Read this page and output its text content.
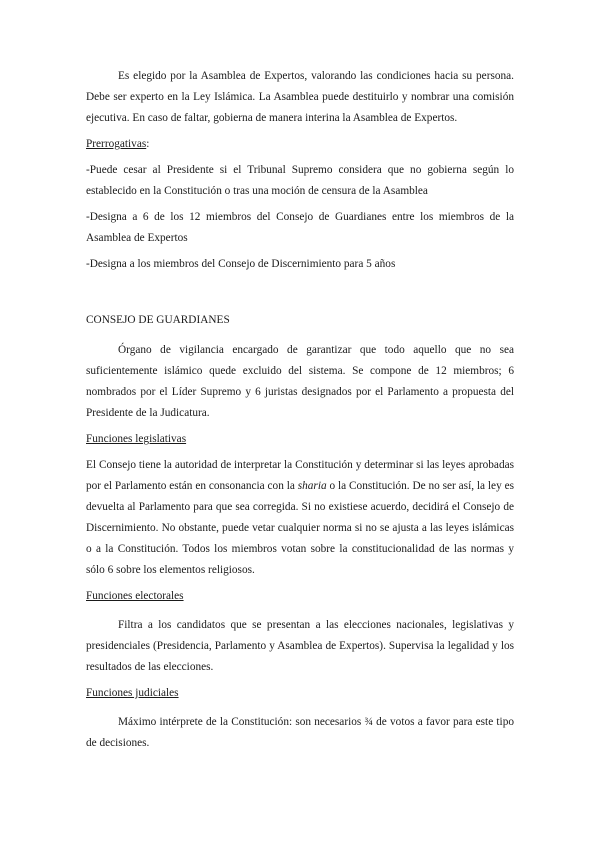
Es elegido por la Asamblea de Expertos, valorando las condiciones hacia su persona. Debe ser experto en la Ley Islámica. La Asamblea puede destituirlo y nombrar una comisión ejecutiva. En caso de faltar, gobierna de manera interina la Asamblea de Expertos.

Prerrogativas:

-Puede cesar al Presidente si el Tribunal Supremo considera que no gobierna según lo establecido en la Constitución o tras una moción de censura de la Asamblea

-Designa a 6 de los 12 miembros del Consejo de Guardianes entre los miembros de la Asamblea de Expertos

-Designa a los miembros del Consejo de Discernimiento para 5 años

CONSEJO DE GUARDIANES

Órgano de vigilancia encargado de garantizar que todo aquello que no sea suficientemente islámico quede excluido del sistema. Se compone de 12 miembros; 6 nombrados por el Líder Supremo y 6 juristas designados por el Parlamento a propuesta del Presidente de la Judicatura.

Funciones legislativas

El Consejo tiene la autoridad de interpretar la Constitución y determinar si las leyes aprobadas por el Parlamento están en consonancia con la sharia o la Constitución. De no ser así, la ley es devuelta al Parlamento para que sea corregida. Si no existiese acuerdo, decidirá el Consejo de Discernimiento. No obstante, puede vetar cualquier norma si no se ajusta a las leyes islámicas o a la Constitución. Todos los miembros votan sobre la constitucionalidad de las normas y sólo 6 sobre los elementos religiosos.

Funciones electorales

Filtra a los candidatos que se presentan a las elecciones nacionales, legislativas y presidenciales (Presidencia, Parlamento y Asamblea de Expertos). Supervisa la legalidad y los resultados de las elecciones.

Funciones judiciales

Máximo intérprete de la Constitución: son necesarios ¾ de votos a favor para este tipo de decisiones.
